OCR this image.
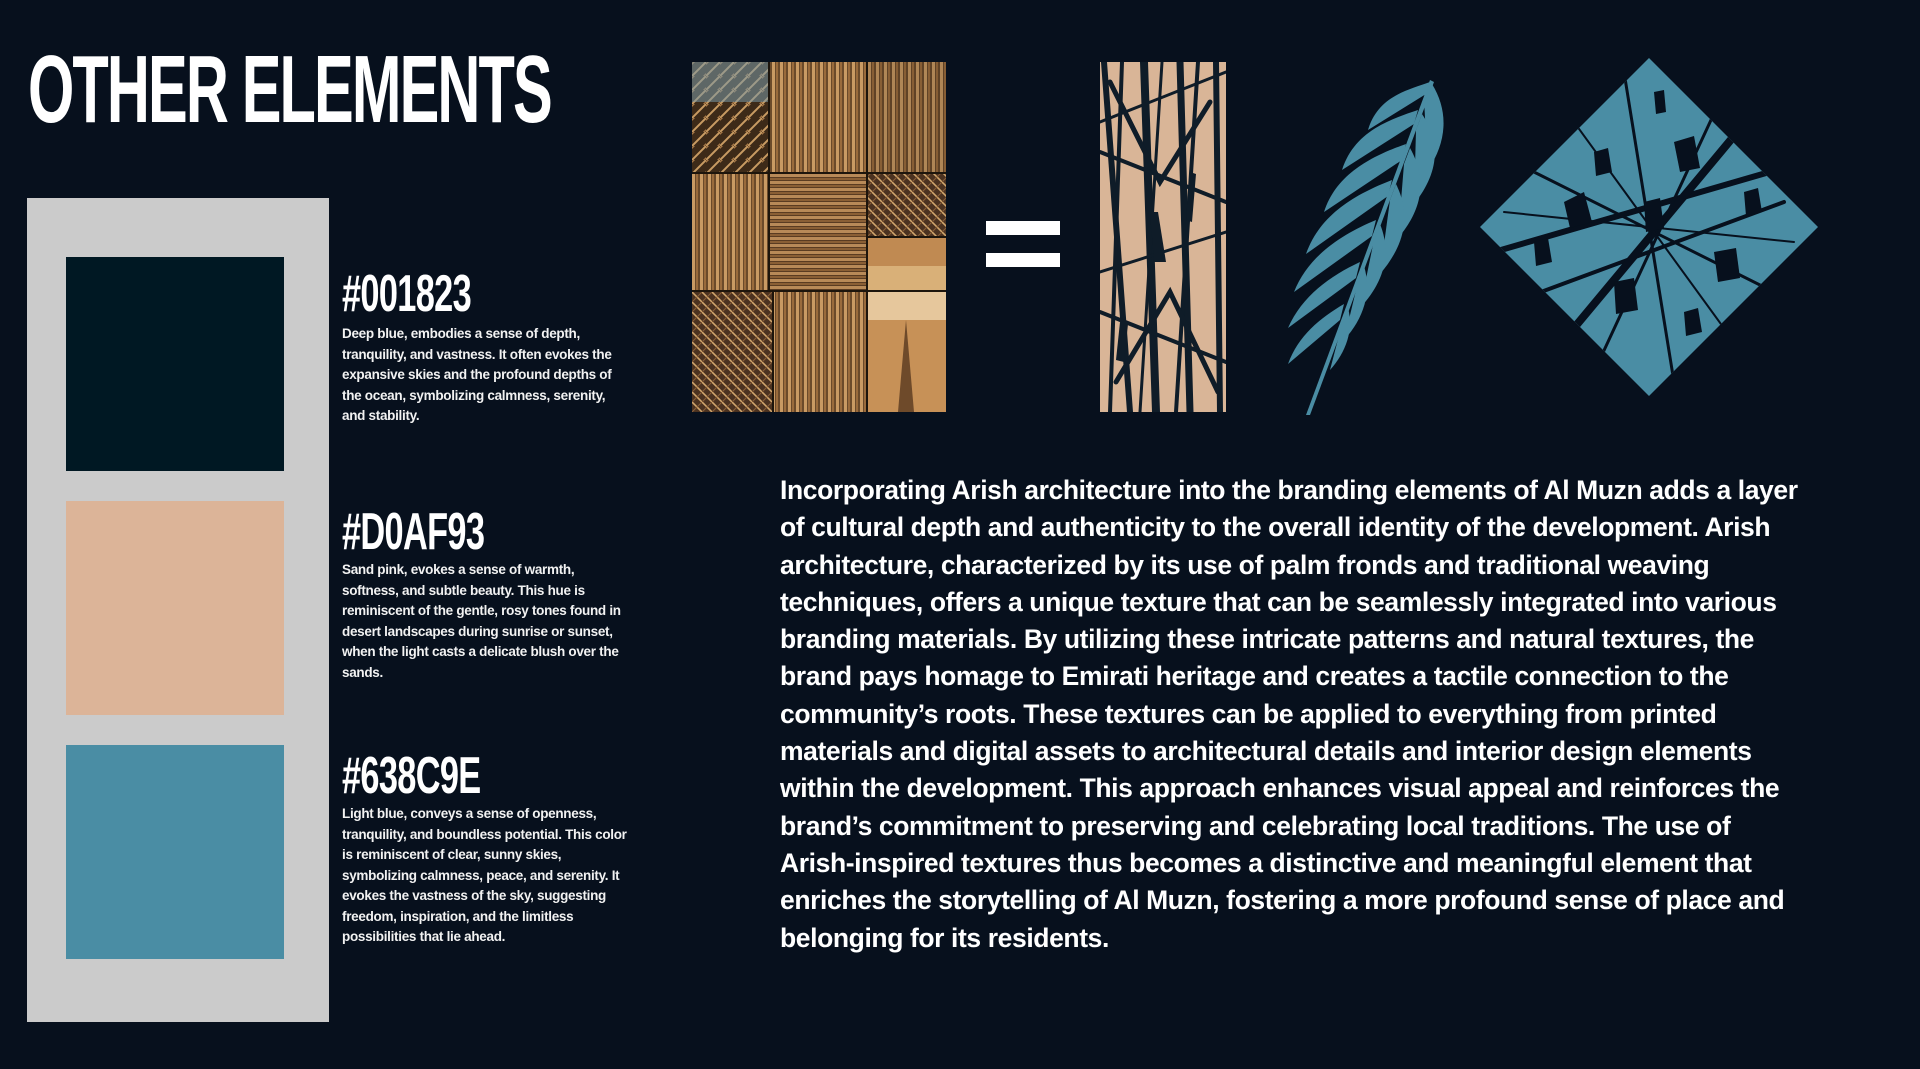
OTHER ELEMENTS
#001823

Deep blue, embodies a sense of depth,
tranquility, and vastness. It often evokes the
expansive skies and the profound depths of
the ocean, symbolizing calmness, serenity,
and stability.

#D0AF93

Sand pink, evokes a sense of warmth,
softness, and subtle beauty. This hue is
reminiscent of the gentle, rosy tones found in
desert landscapes during sunrise or sunset,
when the light casts a delicate blush over the
sands.

#638C9E

Light blue, conveys a sense of openness,
tranquility, and boundless potential. This color
is reminiscent of clear, sunny skies,
symbolizing calmness, peace, and serenity. It
evokes the vastness of the sky, suggesting
freedom, inspiration, and the limitless
possibilities that lie ahead.

Incorporating Arish architecture into the branding elements of Al Muzn adds a layer
of cultural depth and authenticity to the overall identity of the development. Arish
architecture, characterized by its use of palm fronds and traditional weaving
techniques, offers a unique texture that can be seamlessly integrated into various
branding materials. By utilizing these intricate patterns and natural textures, the
brand pays homage to Emirati heritage and creates a tactile connection to the
community’s roots. These textures can be applied to everything from printed
materials and digital assets to architectural details and interior design elements
within the development. This approach enhances visual appeal and reinforces the
brand’s commitment to preserving and celebrating local traditions. The use of
Arish-inspired textures thus becomes a distinctive and meaningful element that
enriches the storytelling of Al Muzn, fostering a more profound sense of place and
belonging for its residents.
